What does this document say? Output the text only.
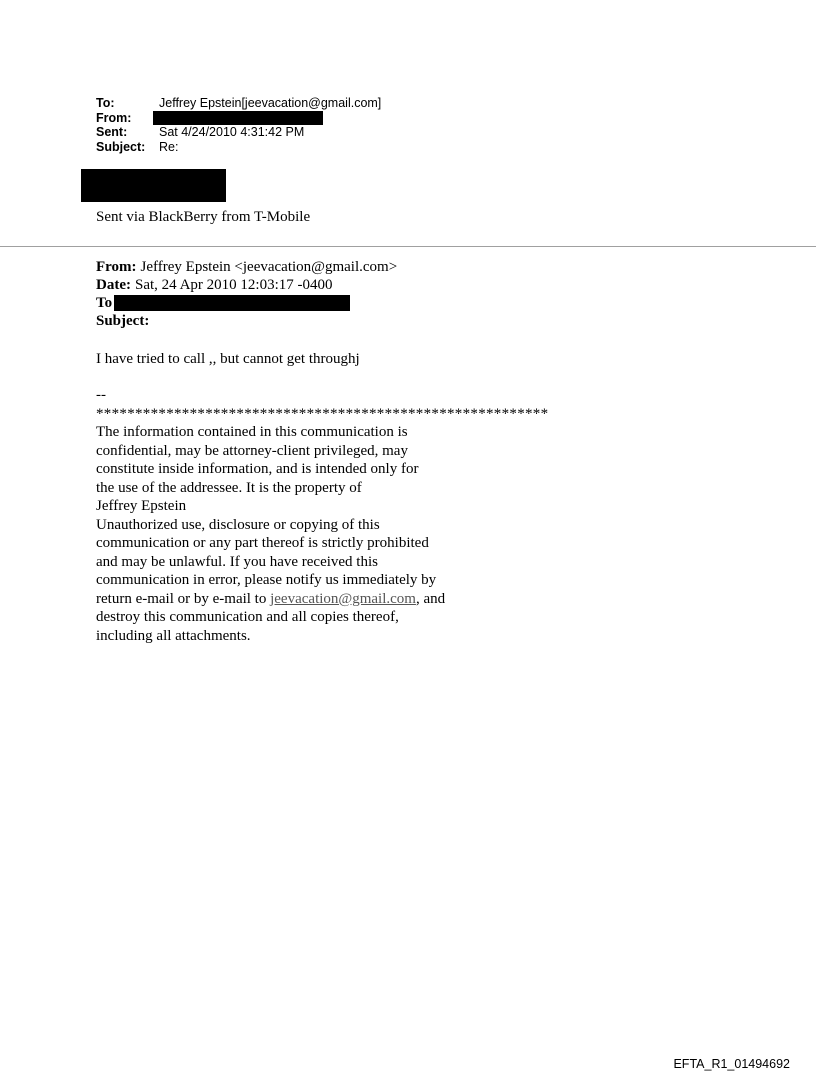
To:	Jeffrey Epstein[jeevacation@gmail.com]
From:
Sent:	Sat 4/24/2010 4:31:42 PM
Subject:	Re:
Sent via BlackBerry from T-Mobile
From: Jeffrey Epstein <jeevacation@gmail.com>
Date: Sat, 24 Apr 2010 12:03:17 -0400
To
Subject:
I have tried to call ,, but cannot get throughj
--
**********************************************************
The information contained in this communication is
confidential, may be attorney-client privileged, may
constitute inside information, and is intended only for
the use of the addressee. It is the property of
Jeffrey Epstein
Unauthorized use, disclosure or copying of this
communication or any part thereof is strictly prohibited
and may be unlawful. If you have received this
communication in error, please notify us immediately by
return e-mail or by e-mail to jeevacation@gmail.com, and
destroy this communication and all copies thereof,
including all attachments.
EFTA_R1_01494692
